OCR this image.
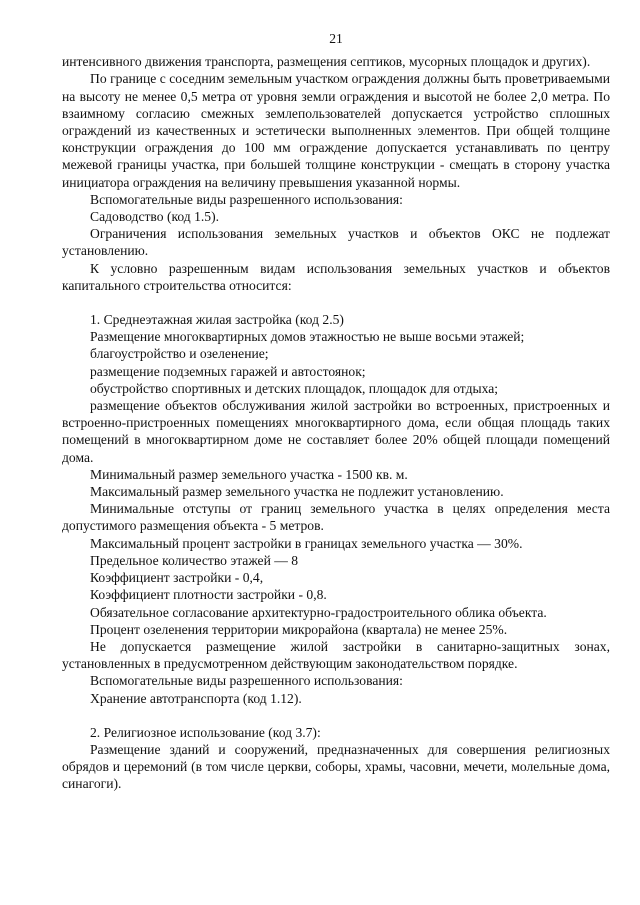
21

интенсивного движения транспорта, размещения септиков, мусорных площадок и других).

По границе с соседним земельным участком ограждения должны быть проветриваемыми на высоту не менее 0,5 метра от уровня земли ограждения и высотой не более 2,0 метра. По взаимному согласию смежных землепользователей допускается устройство сплошных ограждений из качественных и эстетически выполненных элементов. При общей толщине конструкции ограждения до 100 мм ограждение допускается устанавливать по центру межевой границы участка, при большей толщине конструкции - смещать в сторону участка инициатора ограждения на величину превышения указанной нормы.

Вспомогательные виды разрешенного использования:

Садоводство (код 1.5).

Ограничения использования земельных участков и объектов ОКС не подлежат установлению.

К условно разрешенным видам использования земельных участков и объектов капитального строительства относится:

1. Среднеэтажная жилая застройка (код 2.5)

Размещение многоквартирных домов этажностью не выше восьми этажей;

благоустройство и озеленение;

размещение подземных гаражей и автостоянок;

обустройство спортивных и детских площадок, площадок для отдыха;

размещение объектов обслуживания жилой застройки во встроенных, пристроенных и встроенно-пристроенных помещениях многоквартирного дома, если общая площадь таких помещений в многоквартирном доме не составляет более 20% общей площади помещений дома.

Минимальный размер земельного участка - 1500 кв. м.

Максимальный размер земельного участка не подлежит установлению.

Минимальные отступы от границ земельного участка в целях определения места допустимого размещения объекта - 5 метров.

Максимальный процент застройки в границах земельного участка — 30%.

Предельное количество этажей — 8

Коэффициент застройки - 0,4,

Коэффициент плотности застройки - 0,8.

Обязательное согласование архитектурно-градостроительного облика объекта.

Процент озеленения территории микрорайона (квартала) не менее 25%.

Не допускается размещение жилой застройки в санитарно-защитных зонах, установленных в предусмотренном действующим законодательством порядке.

Вспомогательные виды разрешенного использования:

Хранение автотранспорта (код 1.12).

2. Религиозное использование (код 3.7):

Размещение зданий и сооружений, предназначенных для совершения религиозных обрядов и церемоний (в том числе церкви, соборы, храмы, часовни, мечети, молельные дома, синагоги).
